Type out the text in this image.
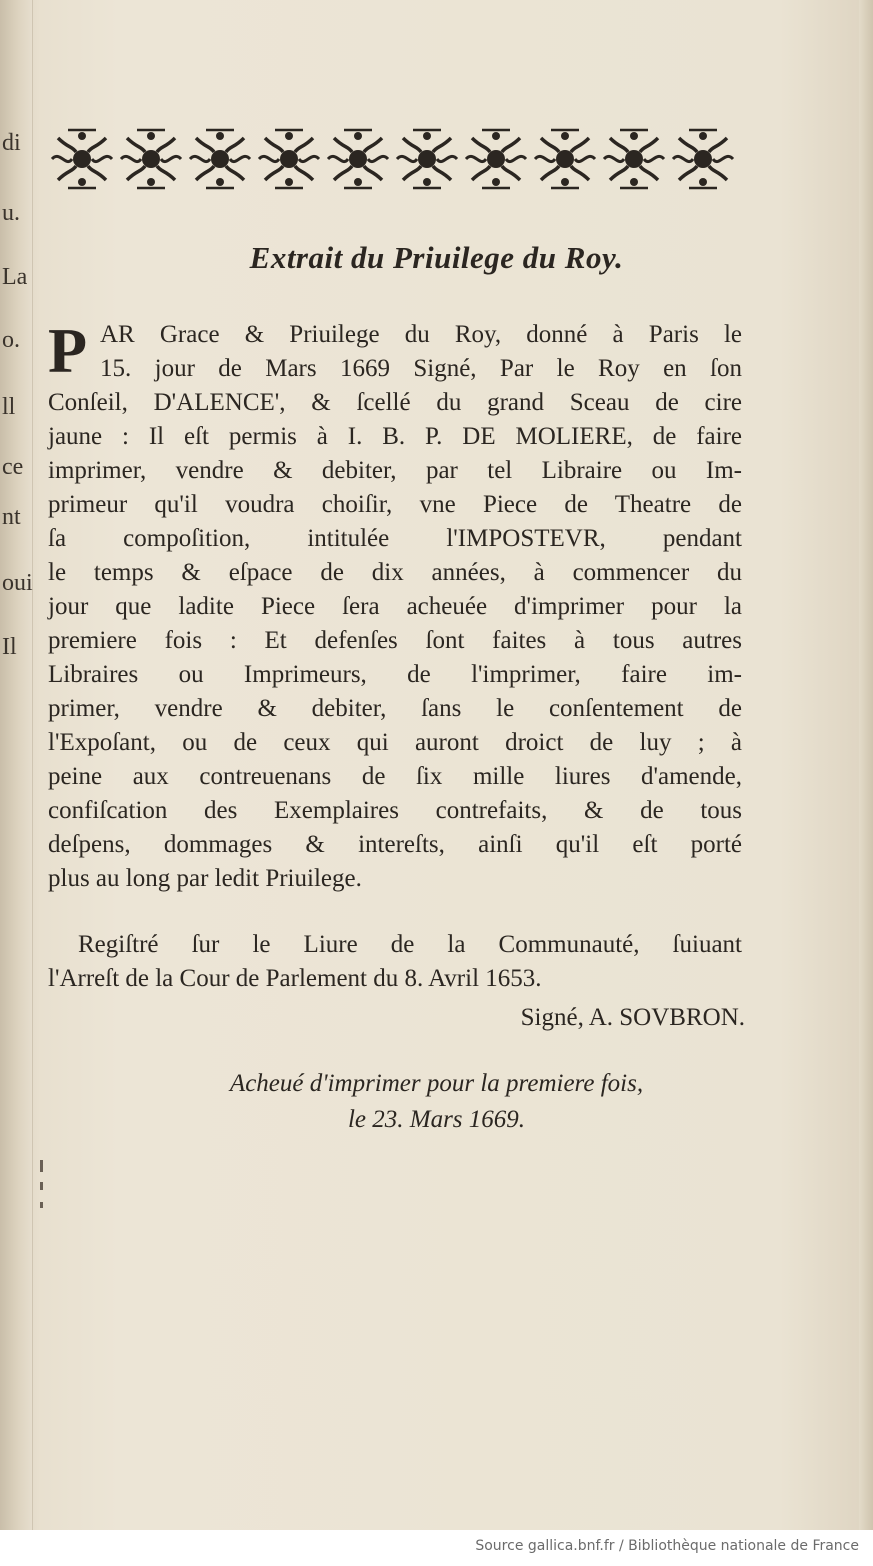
di
u.
La
o.
ll
ce
nt
oui
Il
Extrait du Priuilege du Roy.
P AR Grace & Priuilege du Roy, donné à Paris le
15. jour de Mars 1669 Signé, Par le Roy en ſon
Conſeil, D'ALENCE', & ſcellé du grand Sceau de cire
jaune : Il eſt permis à I. B. P. DE MOLIERE, de faire
imprimer, vendre & debiter, par tel Libraire ou Im-
primeur qu'il voudra choiſir, vne Piece de Theatre de
ſa compoſition, intitulée l'IMPOSTEVR, pendant
le temps & eſpace de dix années, à commencer du
jour que ladite Piece ſera acheuée d'imprimer pour la
premiere fois : Et defenſes ſont faites à tous autres
Libraires ou Imprimeurs, de l'imprimer, faire im-
primer, vendre & debiter, ſans le conſentement de
l'Expoſant, ou de ceux qui auront droict de luy ; à
peine aux contreuenans de ſix mille liures d'amende,
confiſcation des Exemplaires contrefaits, & de tous
deſpens, dommages & intereſts, ainſi qu'il eſt porté
plus au long par ledit Priuilege.
Regiſtré ſur le Liure de la Communauté, ſuiuant
l'Arreſt de la Cour de Parlement du 8. Avril 1653.
Signé, A. SOVBRON.
Acheué d'imprimer pour la premiere fois,
le 23. Mars 1669.
Source gallica.bnf.fr / Bibliothèque nationale de France
